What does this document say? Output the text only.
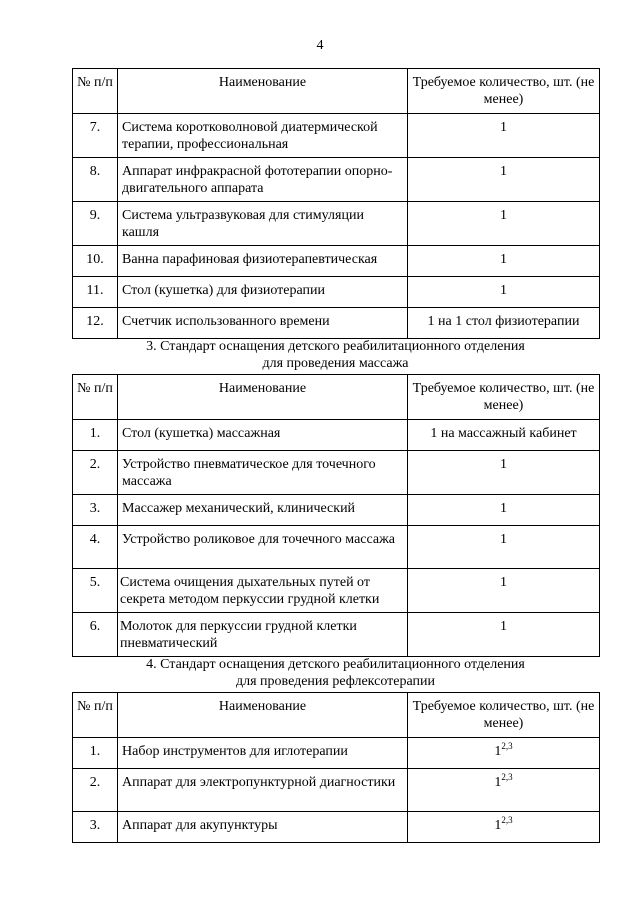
4
№ п/п	Наименование	Требуемое количество, шт. (не менее)
7.	Система коротковолновой диатермической терапии, профессиональная	1
8.	Аппарат инфракрасной фототерапии опорно-двигательного аппарата	1
9.	Система ультразвуковая для стимуляции кашля	1
10.	Ванна парафиновая физиотерапевтическая	1
11.	Стол (кушетка) для физиотерапии	1
12.	Счетчик использованного времени	1 на 1 стол физиотерапии
3. Стандарт оснащения детского реабилитационного отделения
для проведения массажа
№ п/п	Наименование	Требуемое количество, шт. (не менее)
1.	Стол (кушетка) массажная	1 на массажный кабинет
2.	Устройство пневматическое для точечного массажа	1
3.	Массажер механический, клинический	1
4.	Устройство роликовое для точечного массажа	1
5.	Система очищения дыхательных путей от секрета методом перкуссии грудной клетки	1
6.	Молоток для перкуссии грудной клетки пневматический	1
4. Стандарт оснащения детского реабилитационного отделения
для проведения рефлексотерапии
№ п/п	Наименование	Требуемое количество, шт. (не менее)
1.	Набор инструментов для иглотерапии	1$^{2,3}$
2.	Аппарат для электропунктурной диагностики	1$^{2,3}$
3.	Аппарат для акупунктуры	1$^{2,3}$
